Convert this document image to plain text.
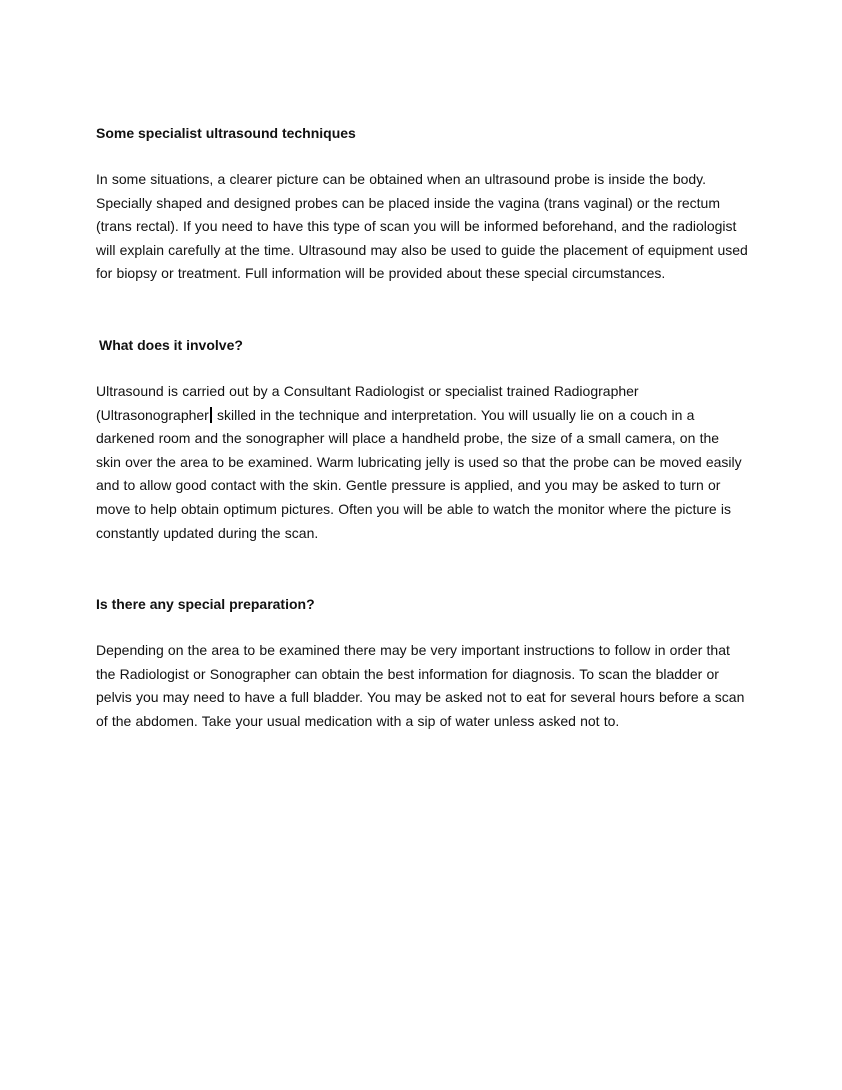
Some specialist ultrasound techniques

In some situations, a clearer picture can be obtained when an ultrasound probe is inside the body. Specially shaped and designed probes can be placed inside the vagina (trans vaginal) or the rectum (trans rectal). If you need to have this type of scan you will be informed beforehand, and the radiologist will explain carefully at the time. Ultrasound may also be used to guide the placement of equipment used for biopsy or treatment. Full information will be provided about these special circumstances.

What does it involve?

Ultrasound is carried out by a Consultant Radiologist or specialist trained Radiographer (Ultrasonographer skilled in the technique and interpretation. You will usually lie on a couch in a darkened room and the sonographer will place a handheld probe, the size of a small camera, on the skin over the area to be examined. Warm lubricating jelly is used so that the probe can be moved easily and to allow good contact with the skin. Gentle pressure is applied, and you may be asked to turn or move to help obtain optimum pictures. Often you will be able to watch the monitor where the picture is constantly updated during the scan.

Is there any special preparation?

Depending on the area to be examined there may be very important instructions to follow in order that the Radiologist or Sonographer can obtain the best information for diagnosis. To scan the bladder or pelvis you may need to have a full bladder. You may be asked not to eat for several hours before a scan of the abdomen. Take your usual medication with a sip of water unless asked not to.
